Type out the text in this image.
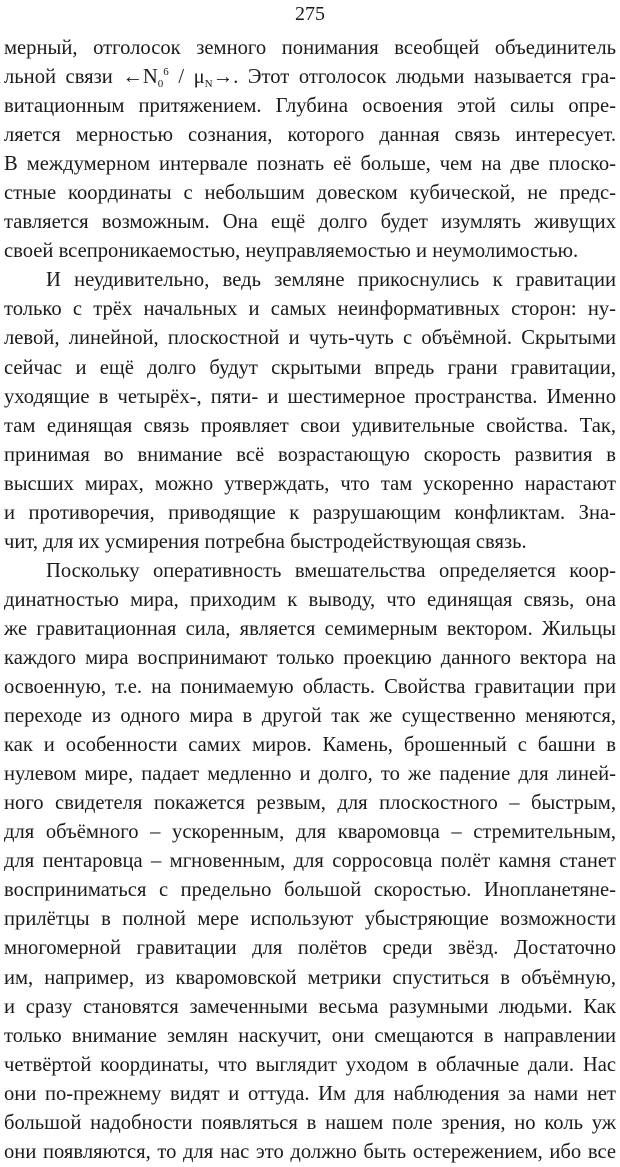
275
мерный, отголосок земного понимания всеобщей объединитель
льной связи $\leftarrow N_0^6 / \mu_N\to$. Этот отголосок людьми называется гра-
витационным притяжением. Глубина освоения этой силы опре-
ляется мерностью сознания, которого данная связь интересует.
В междумерном интервале познать её больше, чем на две плоско-
стные координаты с небольшим довеском кубической, не предс-
тавляется возможным. Она ещё долго будет изумлять живущих
своей всепроникаемостью, неуправляемостью и неумолимостью.
И неудивительно, ведь земляне прикоснулись к гравитации
только с трёх начальных и самых неинформативных сторон: ну-
левой, линейной, плоскостной и чуть-чуть с объёмной. Скрытыми
сейчас и ещё долго будут скрытыми впредь грани гравитации,
уходящие в четырёх-, пяти- и шестимерное пространства. Именно
там единящая связь проявляет свои удивительные свойства. Так,
принимая во внимание всё возрастающую скорость развития в
высших мирах, можно утверждать, что там ускоренно нарастают
и противоречия, приводящие к разрушающим конфликтам. Зна-
чит, для их усмирения потребна быстродействующая связь.
Поскольку оперативность вмешательства определяется коор-
динатностью мира, приходим к выводу, что единящая связь, она
же гравитационная сила, является семимерным вектором. Жильцы
каждого мира воспринимают только проекцию данного вектора на
освоенную, т.е. на понимаемую область. Свойства гравитации при
переходе из одного мира в другой так же существенно меняются,
как и особенности самих миров. Камень, брошенный с башни в
нулевом мире, падает медленно и долго, то же падение для линей-
ного свидетеля покажется резвым, для плоскостного – быстрым,
для объёмного – ускоренным, для кваромовца – стремительным,
для пентаровца – мгновенным, для сорросовца полёт камня станет
восприниматься с предельно большой скоростью. Инопланетяне-
прилётцы в полной мере используют убыстряющие возможности
многомерной гравитации для полётов среди звёзд. Достаточно
им, например, из кваромовской метрики спуститься в объёмную,
и сразу становятся замеченными весьма разумными людьми. Как
только внимание землян наскучит, они смещаются в направлении
четвёртой координаты, что выглядит уходом в облачные дали. Нас
они по-прежнему видят и оттуда. Им для наблюдения за нами нет
большой надобности появляться в нашем поле зрения, но коль уж
они появляются, то для нас это должно быть остережением, ибо все
